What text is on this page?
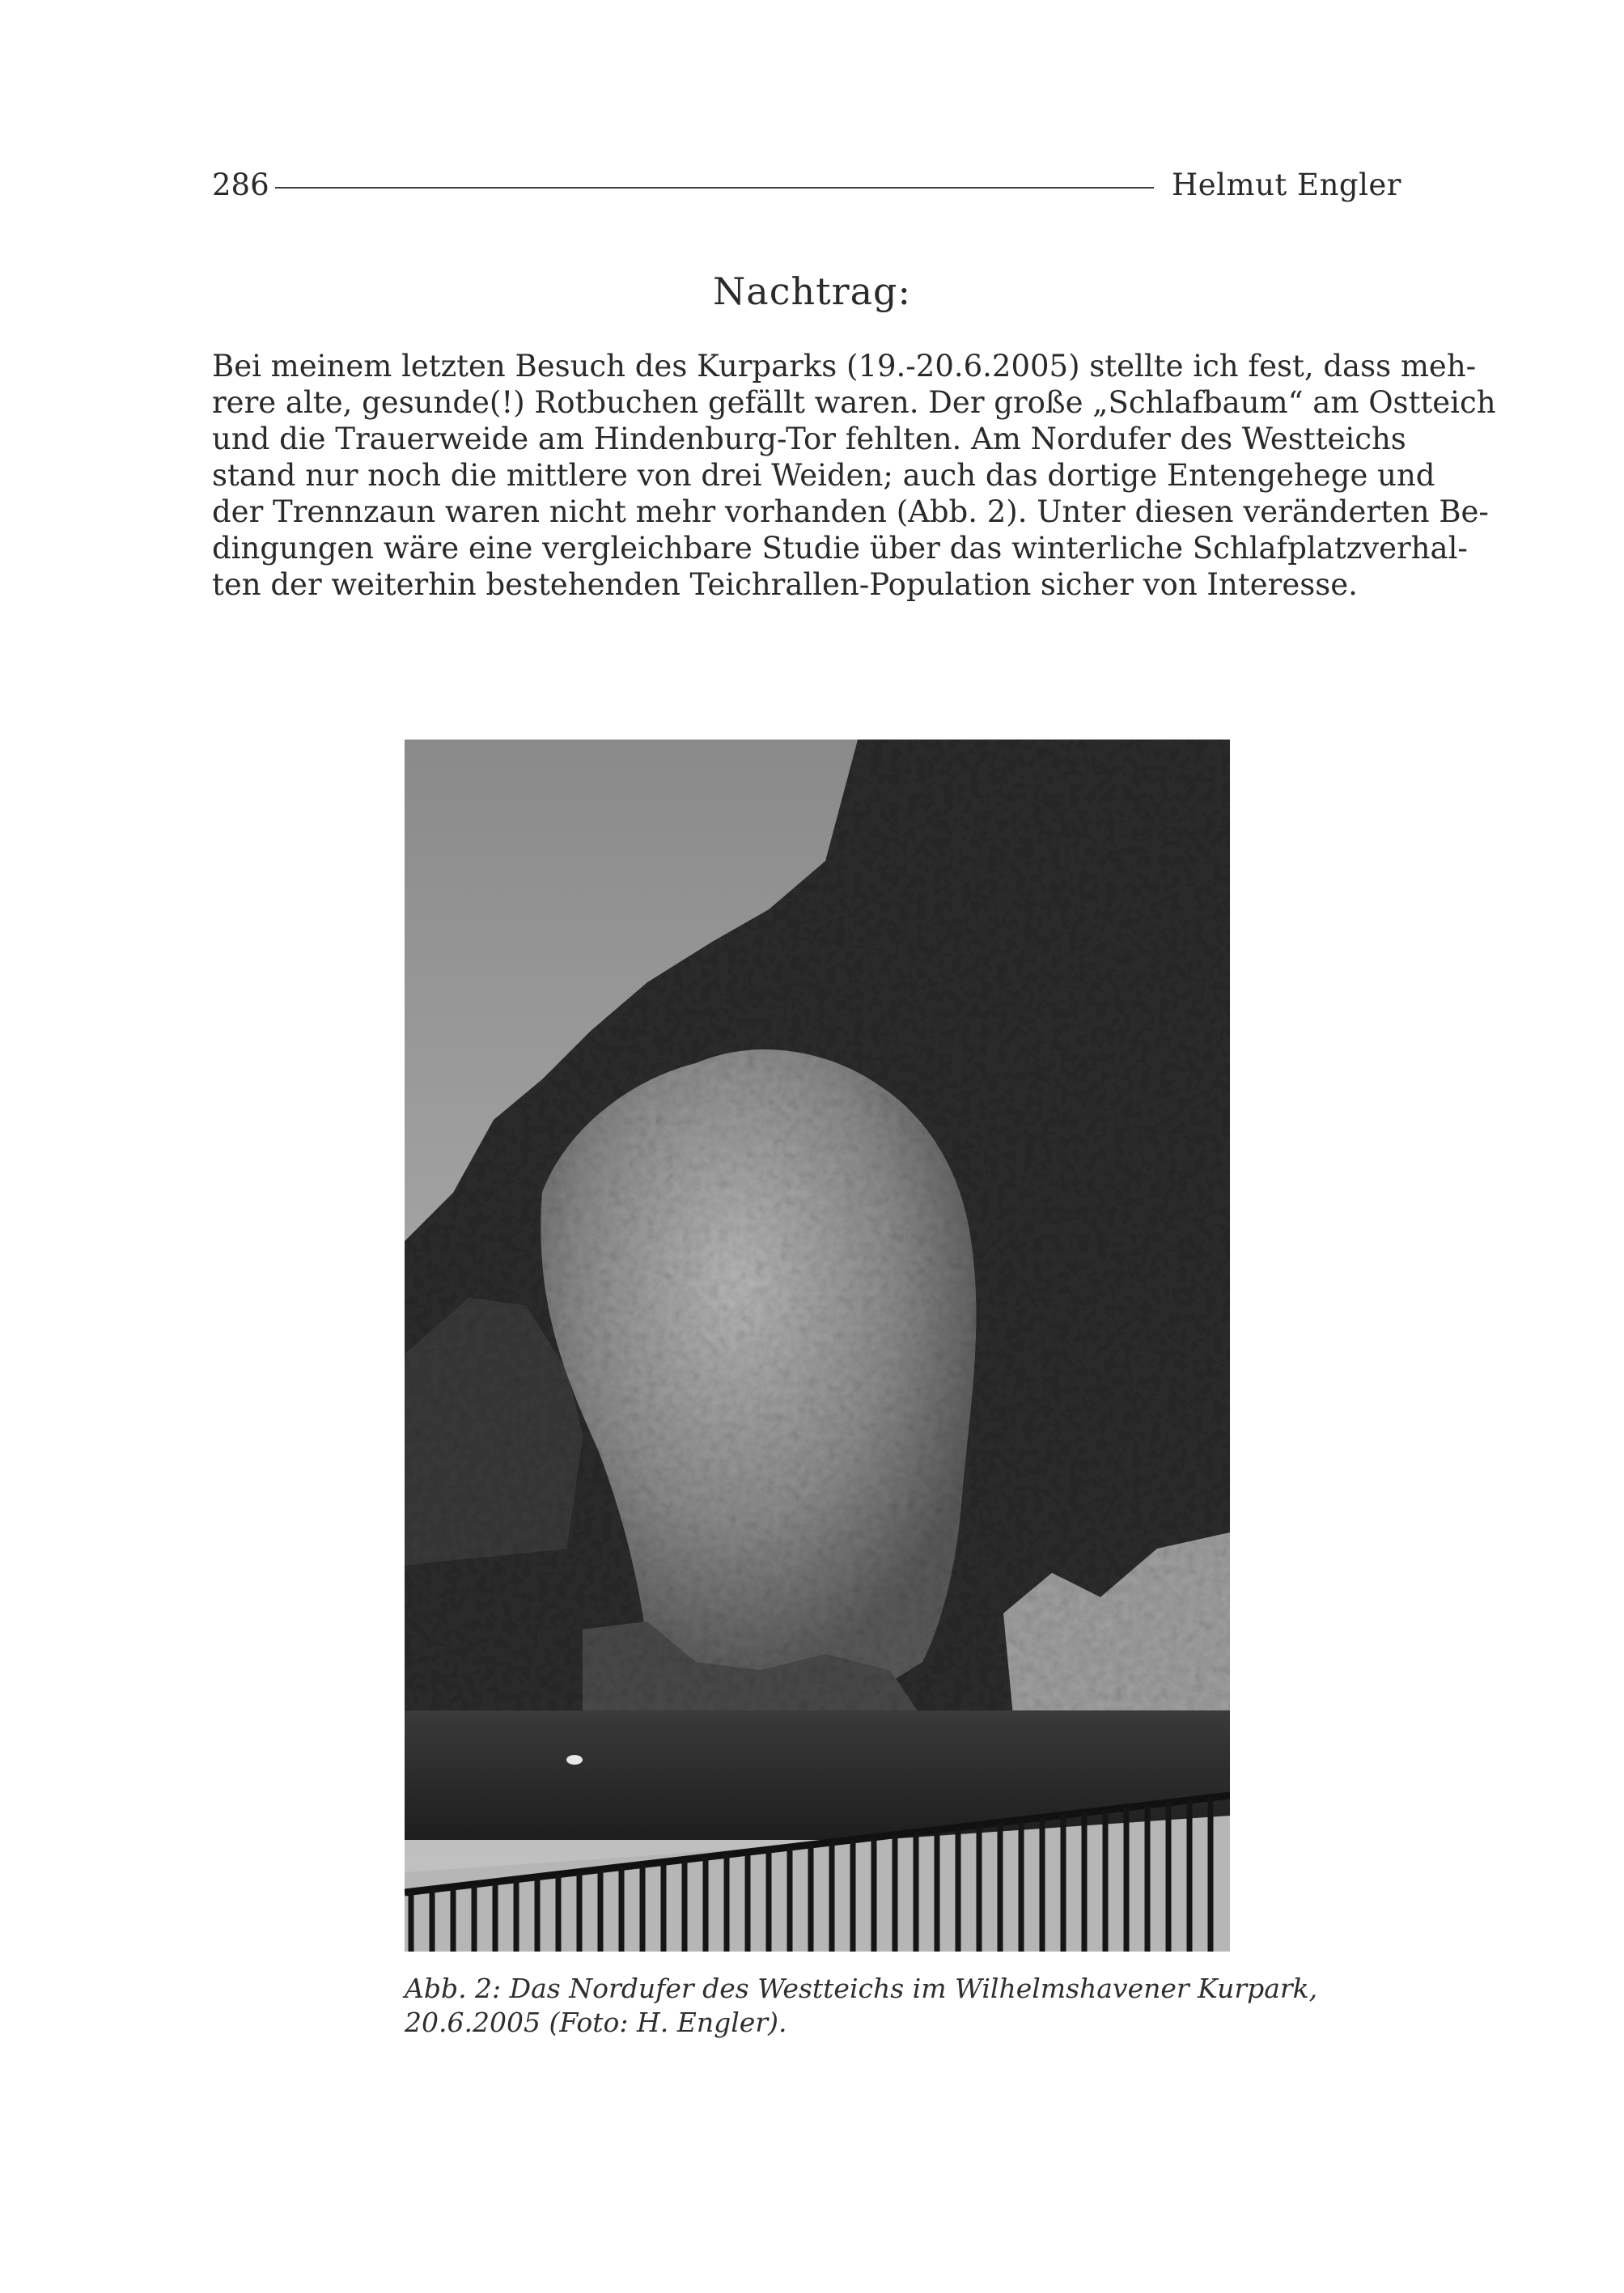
286	Helmut Engler
Nachtrag:

Bei meinem letzten Besuch des Kurparks (19.-20.6.2005) stellte ich fest, dass meh-
rere alte, gesunde(!) Rotbuchen gefällt waren. Der große „Schlafbaum“ am Ostteich
und die Trauerweide am Hindenburg-Tor fehlten. Am Nordufer des Westteichs
stand nur noch die mittlere von drei Weiden; auch das dortige Entengehege und
der Trennzaun waren nicht mehr vorhanden (Abb. 2). Unter diesen veränderten Be-
dingungen wäre eine vergleichbare Studie über das winterliche Schlafplatzverhal-
ten der weiterhin bestehenden Teichrallen-Population sicher von Interesse.

Abb. 2: Das Nordufer des Westteichs im Wilhelmshavener Kurpark,
20.6.2005 (Foto: H. Engler).
